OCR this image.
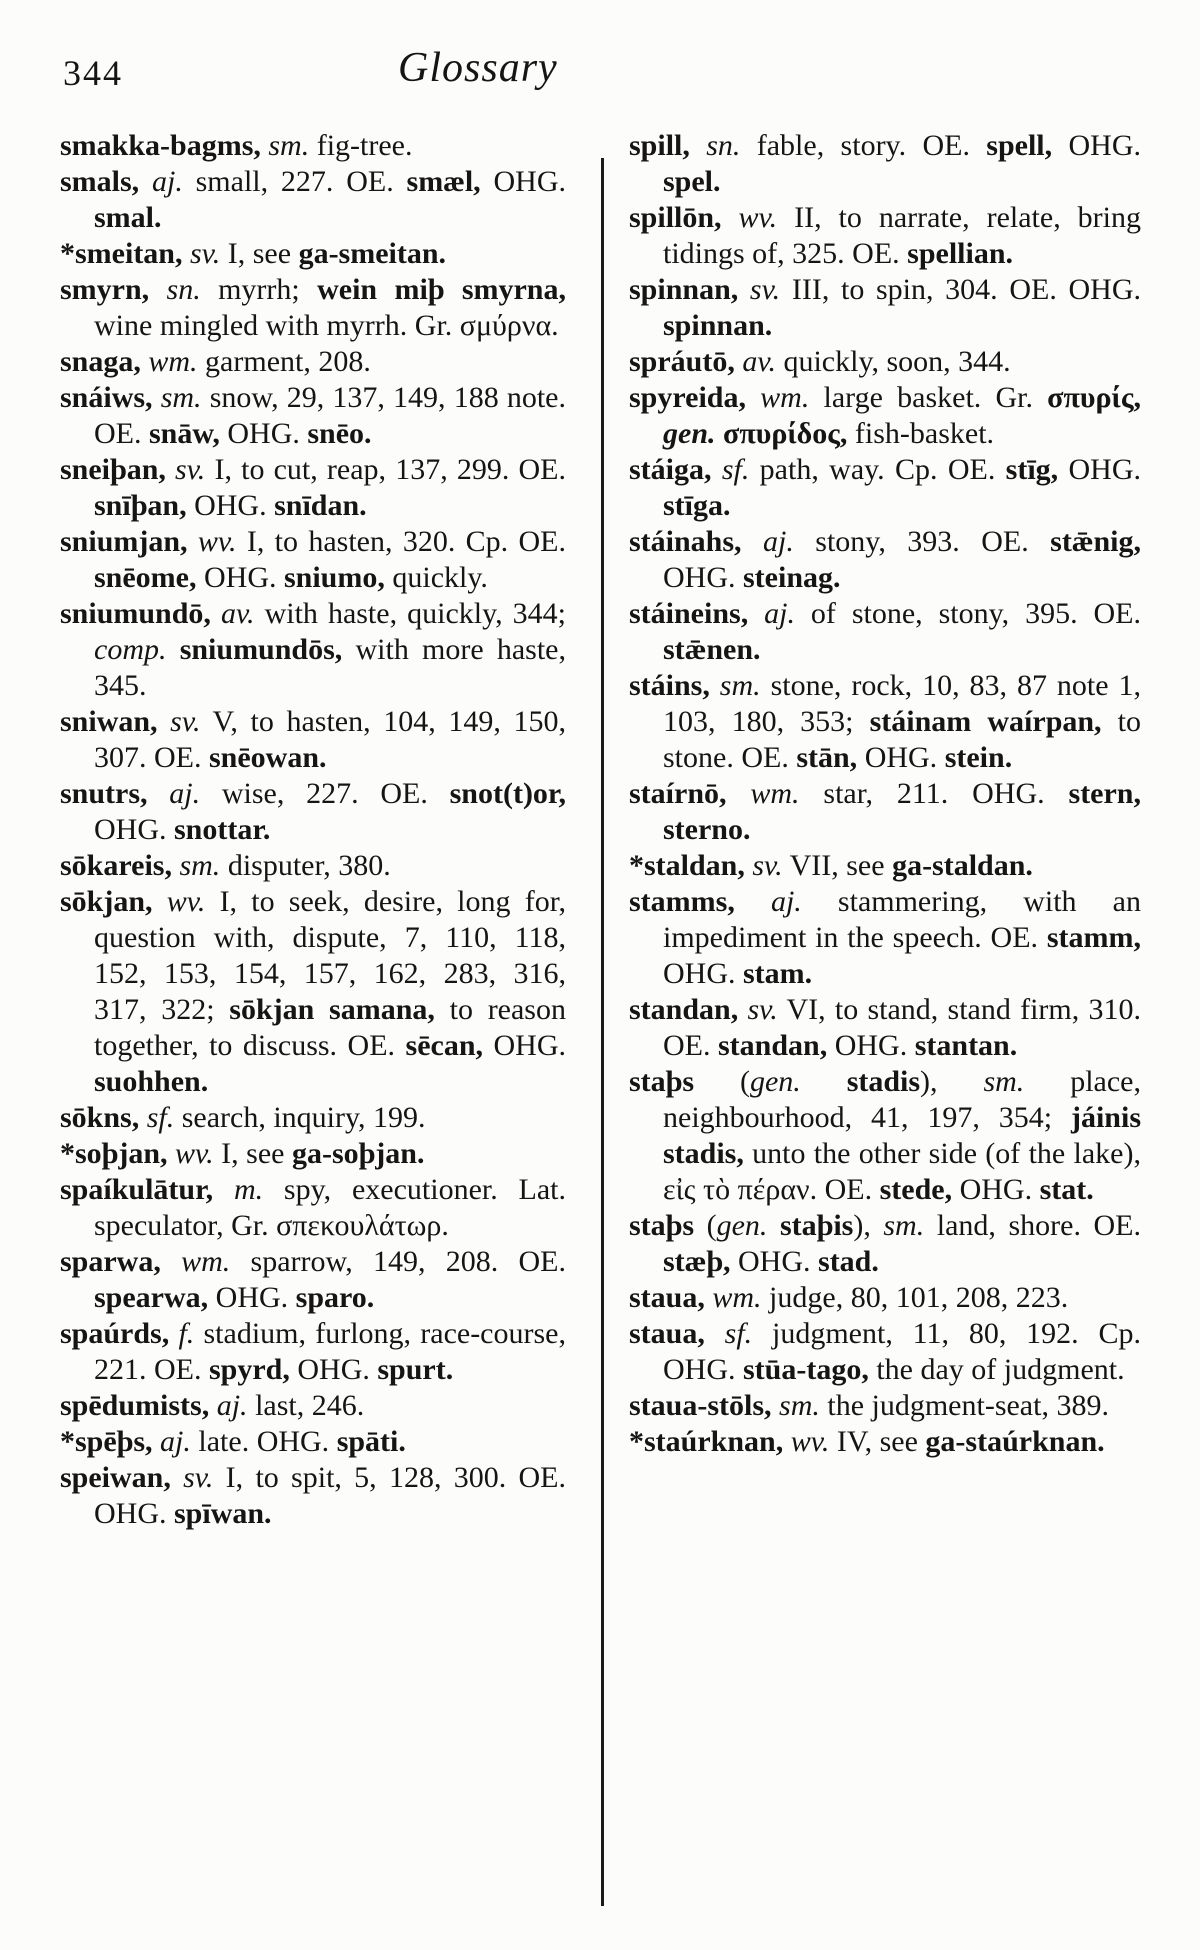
344	Glossary

smakka-bagms, sm. fig-tree.

smals, aj. small, 227. OE. smæl, OHG. smal.

*smeitan, sv. I, see ga-smeitan.

smyrn, sn. myrrh; wein miþ smyrna, wine mingled with myrrh. Gr. σμύρνα.

snaga, wm. garment, 208.

snáiws, sm. snow, 29, 137, 149, 188 note. OE. snāw, OHG. snēo.

sneiþan, sv. I, to cut, reap, 137, 299. OE. snīþan, OHG. snīdan.

sniumjan, wv. I, to hasten, 320. Cp. OE. snēome, OHG. sniumo, quickly.

sniumundō, av. with haste, quickly, 344; comp. sniumundōs, with more haste, 345.

sniwan, sv. V, to hasten, 104, 149, 150, 307. OE. snēowan.

snutrs, aj. wise, 227. OE. snot(t)or, OHG. snottar.

sōkareis, sm. disputer, 380.

sōkjan, wv. I, to seek, desire, long for, question with, dispute, 7, 110, 118, 152, 153, 154, 157, 162, 283, 316, 317, 322; sōkjan samana, to reason together, to discuss. OE. sēcan, OHG. suohhen.

sōkns, sf. search, inquiry, 199.

*soþjan, wv. I, see ga-soþjan.

spaíkulātur, m. spy, executioner. Lat. speculator, Gr. σπεκουλάτωρ.

sparwa, wm. sparrow, 149, 208. OE. spearwa, OHG. sparo.

spaúrds, f. stadium, furlong, race-course, 221. OE. spyrd, OHG. spurt.

spēdumists, aj. last, 246.

*spēþs, aj. late. OHG. spāti.

speiwan, sv. I, to spit, 5, 128, 300. OE. OHG. spīwan.

spill, sn. fable, story. OE. spell, OHG. spel.

spillōn, wv. II, to narrate, relate, bring tidings of, 325. OE. spellian.

spinnan, sv. III, to spin, 304. OE. OHG. spinnan.

spráutō, av. quickly, soon, 344.

spyreida, wm. large basket. Gr. σπυρίς, gen. σπυρίδος, fish-basket.

stáiga, sf. path, way. Cp. OE. stīg, OHG. stīga.

stáinahs, aj. stony, 393. OE. stǣnig, OHG. steinag.

stáineins, aj. of stone, stony, 395. OE. stǣnen.

stáins, sm. stone, rock, 10, 83, 87 note 1, 103, 180, 353; stáinam waírpan, to stone. OE. stān, OHG. stein.

staírnō, wm. star, 211. OHG. stern, sterno.

*staldan, sv. VII, see ga-staldan.

stamms, aj. stammering, with an impediment in the speech. OE. stamm, OHG. stam.

standan, sv. VI, to stand, stand firm, 310. OE. standan, OHG. stantan.

staþs (gen. stadis), sm. place, neighbourhood, 41, 197, 354; jáinis stadis, unto the other side (of the lake), εἰς τὸ πέραν. OE. stede, OHG. stat.

staþs (gen. staþis), sm. land, shore. OE. stæþ, OHG. stad.

staua, wm. judge, 80, 101, 208, 223.

staua, sf. judgment, 11, 80, 192. Cp. OHG. stūa-tago, the day of judgment.

staua-stōls, sm. the judgment-seat, 389.

*staúrknan, wv. IV, see ga-staúrknan.
